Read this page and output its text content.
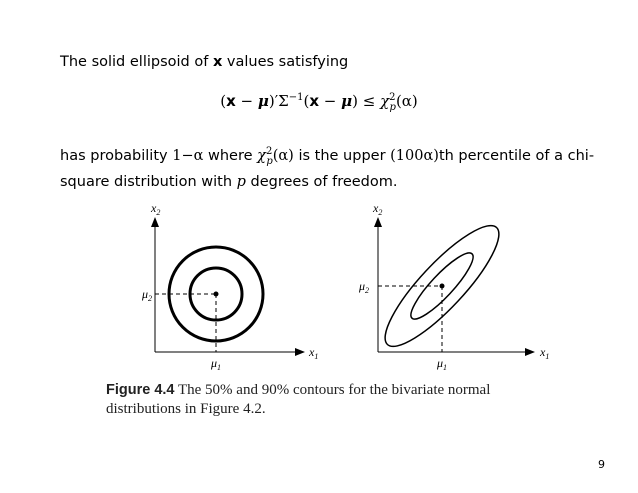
The solid ellipsoid of x values satisfying

$(x - \mu)'\Sigma^{-1}(x - \mu) \le \chi^2_p(\alpha)$

has probability 1−α where $\chi^2_p(\alpha)$ is the upper (100α)th percentile of a chi-square distribution with p degrees of freedom.

$x_2$
$x_1$
$\mu_2$
$\mu_1$
$x_2$
$x_1$
$\mu_2$
$\mu_1$
Figure 4.4 The 50% and 90% contours for the bivariate normal distributions in Figure 4.2.
9
